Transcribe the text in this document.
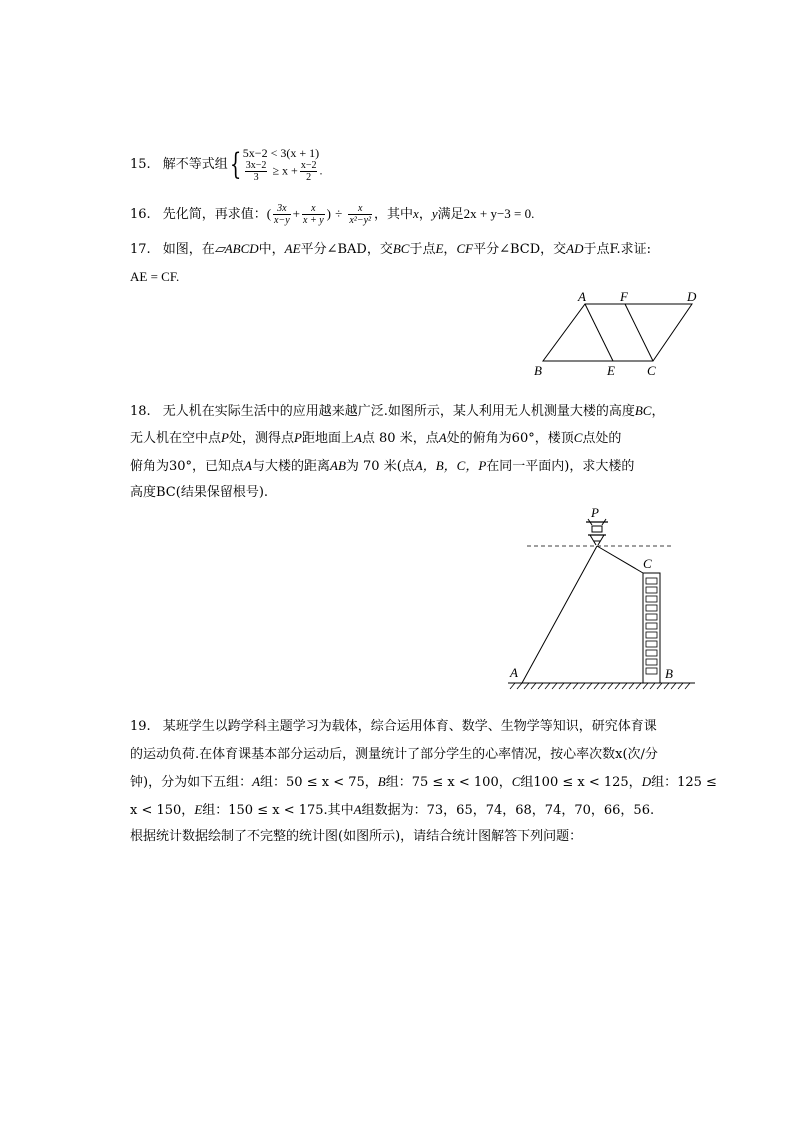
15. 解不等式组{ 5x−2 < 3(x + 1)
$\frac{3x-2}{3} \ge x + \frac{x-2}{2}$ .
16. 先化简，再求值：( $\frac{3x}{x-y} + \frac{x}{x + y}$ ) ÷ $\frac{x}{\text{x²−y²}}$ ，其中x，y满足2x + y−3 = 0.
17. 如图，在▱ABCD中，AE平分∠BAD，交BC于点E，CF平分∠BCD，交AD于点F.求证:
AE = CF.
A	F	D
B	E C
18. 无人机在实际生活中的应用越来越广泛.如图所示，某人利用无人机测量大楼的高度BC，
无人机在空中点P处，测得点P距地面上A点 80 米，点A处的俯角为60°，楼顶C点处的
俯角为30°，已知点A与大楼的距离AB为 70 米(点A，B，C，P在同一平面内)，求大楼的
高度BC(结果保留根号).
P
C
A	B
19. 某班学生以跨学科主题学习为载体，综合运用体育、数学、生物学等知识，研究体育课
的运动负荷.在体育课基本部分运动后，测量统计了部分学生的心率情况，按心率次数x(次/分
钟)，分为如下五组：A组：50 ≤ x < 75，B组：75 ≤ x < 100，C组100 ≤ x < 125，D组：125 ≤
x < 150，E组：150 ≤ x < 175.其中A组数据为：73，65，74，68，74，70，66，56.
根据统计数据绘制了不完整的统计图(如图所示)，请结合统计图解答下列问题：
